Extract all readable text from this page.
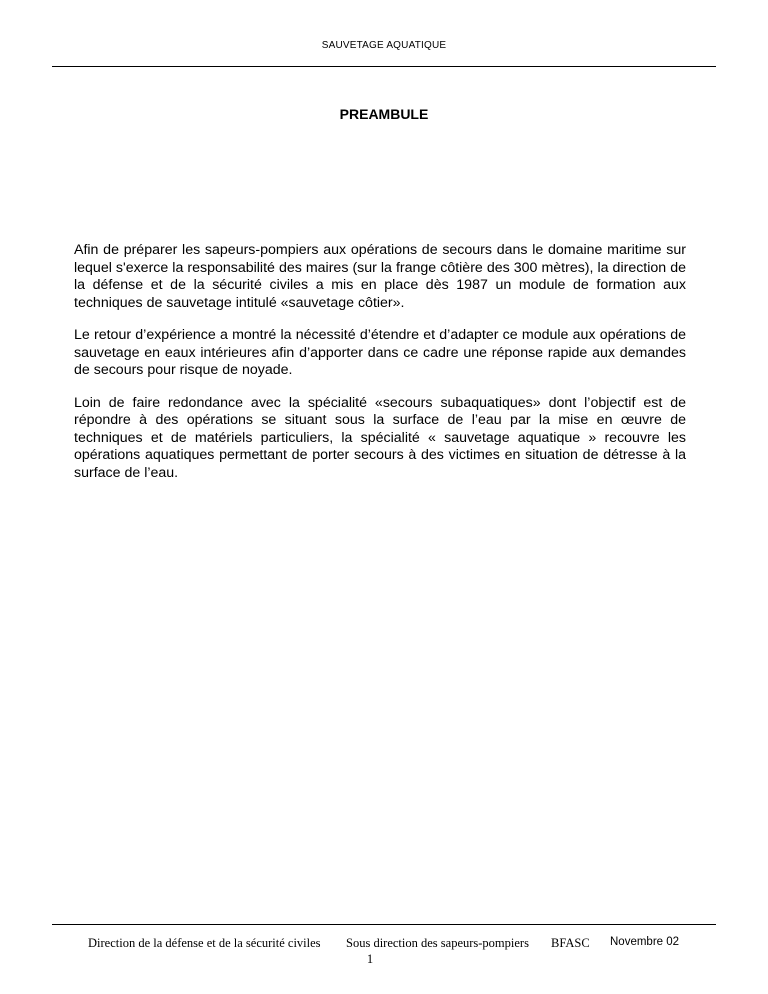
SAUVETAGE AQUATIQUE
PREAMBULE

Afin de préparer les sapeurs-pompiers aux opérations de secours dans le domaine maritime sur lequel s'exerce la responsabilité des maires (sur la frange côtière des 300 mètres), la direction de la défense et de la sécurité civiles a mis en place dès 1987 un module de formation aux techniques de sauvetage intitulé «sauvetage côtier».

Le retour d’expérience a montré la nécessité d’étendre et d’adapter ce module aux opérations de sauvetage en eaux intérieures afin d’apporter dans ce cadre une réponse rapide aux demandes de secours pour risque de noyade.

Loin de faire redondance avec la spécialité «secours subaquatiques» dont l’objectif est de répondre à des opérations se situant sous la surface de l’eau par la mise en œuvre de techniques et de matériels particuliers, la spécialité « sauvetage aquatique » recouvre les opérations aquatiques permettant de porter secours à des victimes en situation de détresse à la surface de l’eau.

Direction de la défense et de la sécurité civiles Sous direction des sapeurs-pompiers BFASC Novembre 02
1
